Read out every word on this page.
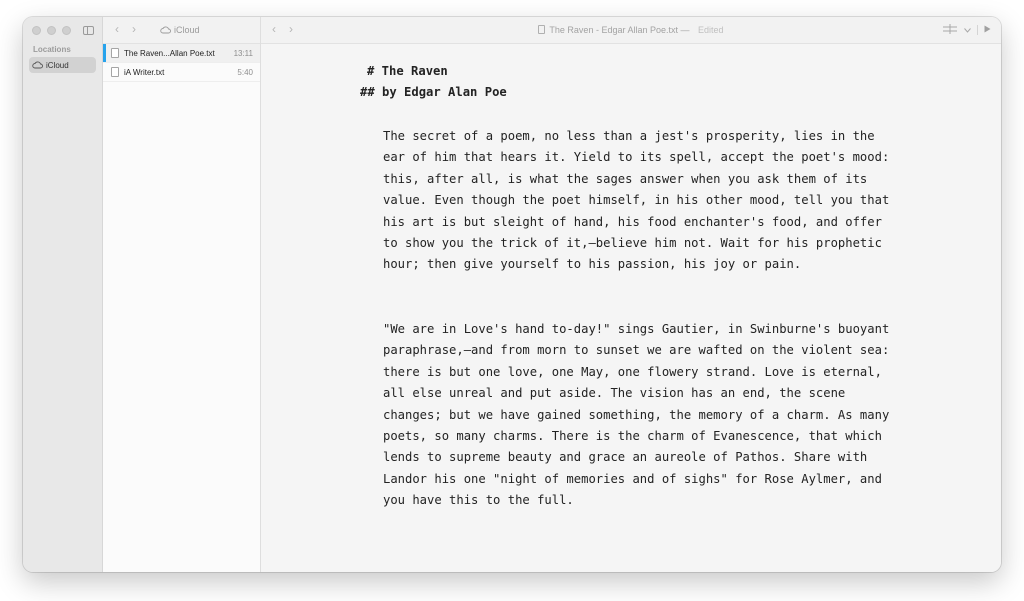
Locations
iCloud
‹ ›	iCloud
The Raven...Allan Poe.txt	13:11
iA Writer.txt	5:40
‹ ›	The Raven - Edgar Allan Poe.txt — Edited
# The Raven
## by Edgar Alan Poe
The secret of a poem, no less than a jest's prosperity, lies in the ear of him that hears it. Yield to its spell, accept the poet's mood: this, after all, is what the sages answer when you ask them of its value. Even though the poet himself, in his other mood, tell you that his art is but sleight of hand, his food enchanter's food, and offer to show you the trick of it,—believe him not. Wait for his prophetic hour; then give yourself to his passion, his joy or pain.
"We are in Love's hand to-day!" sings Gautier, in Swinburne's buoyant paraphrase,—and from morn to sunset we are wafted on the violent sea: there is but one love, one May, one flowery strand. Love is eternal, all else unreal and put aside. The vision has an end, the scene changes; but we have gained something, the memory of a charm. As many poets, so many charms. There is the charm of Evanescence, that which lends to supreme beauty and grace an aureole of Pathos. Share with Landor his one "night of memories and of sighs" for Rose Aylmer, and you have this to the full.
